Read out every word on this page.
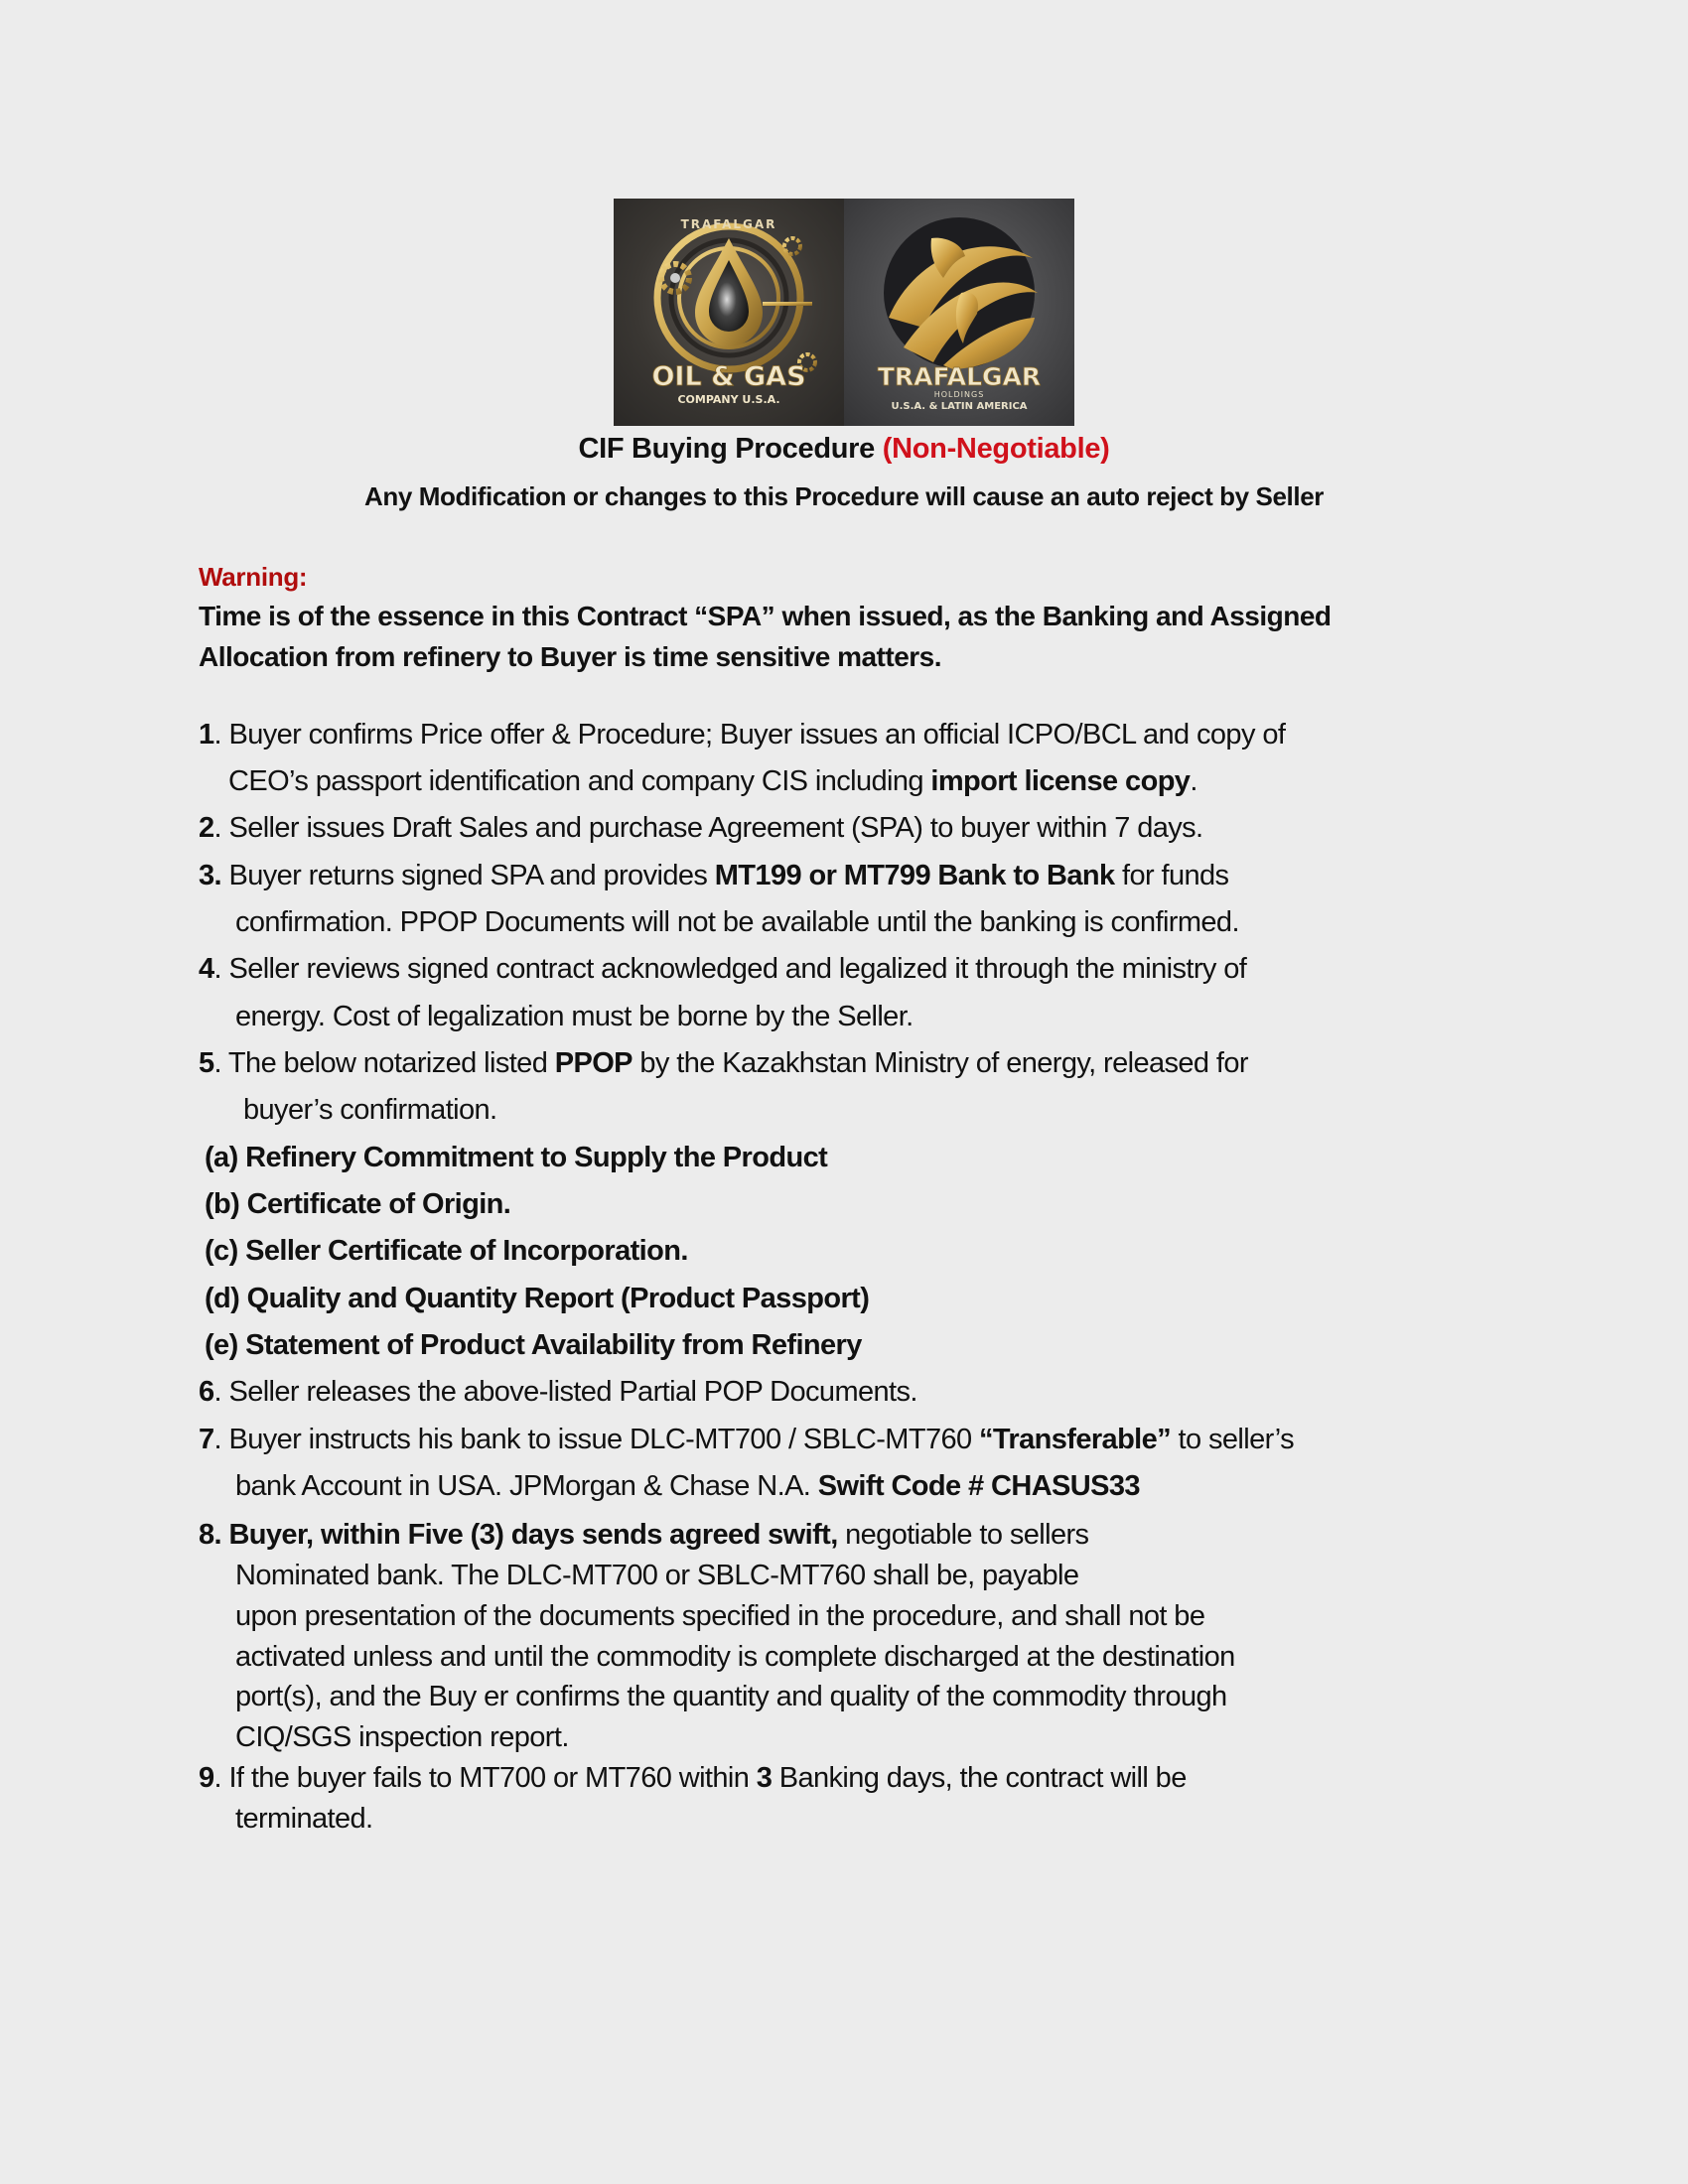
TRAFALGAR
OIL & GAS
COMPANY U.S.A.
TRAFALGAR
HOLDINGS
U.S.A. & LATIN AMERICA
CIF Buying Procedure (Non-Negotiable)
Any Modification or changes to this Procedure will cause an auto reject by Seller
Warning:
Time is of the essence in this Contract “SPA” when issued, as the Banking and Assigned Allocation from refinery to Buyer is time sensitive matters.
1. Buyer confirms Price offer & Procedure; Buyer issues an official ICPO/BCL and copy of
CEO’s passport identification and company CIS including import license copy.
2. Seller issues Draft Sales and purchase Agreement (SPA) to buyer within 7 days.
3. Buyer returns signed SPA and provides MT199 or MT799 Bank to Bank for funds
confirmation. PPOP Documents will not be available until the banking is confirmed.
4. Seller reviews signed contract acknowledged and legalized it through the ministry of
energy. Cost of legalization must be borne by the Seller.
5. The below notarized listed PPOP by the Kazakhstan Ministry of energy, released for
buyer’s confirmation.
(a) Refinery Commitment to Supply the Product
(b) Certificate of Origin.
(c) Seller Certificate of Incorporation.
(d) Quality and Quantity Report (Product Passport)
(e) Statement of Product Availability from Refinery
6. Seller releases the above-listed Partial POP Documents.
7. Buyer instructs his bank to issue DLC-MT700 / SBLC-MT760 “Transferable” to seller’s
bank Account in USA. JPMorgan & Chase N.A. Swift Code # CHASUS33
8. Buyer, within Five (3) days sends agreed swift, negotiable to sellers
Nominated bank. The DLC-MT700 or SBLC-MT760 shall be, payable
upon presentation of the documents specified in the procedure, and shall not be
activated unless and until the commodity is complete discharged at the destination
port(s), and the Buy er confirms the quantity and quality of the commodity through
CIQ/SGS inspection report.
9. If the buyer fails to MT700 or MT760 within 3 Banking days, the contract will be
terminated.
